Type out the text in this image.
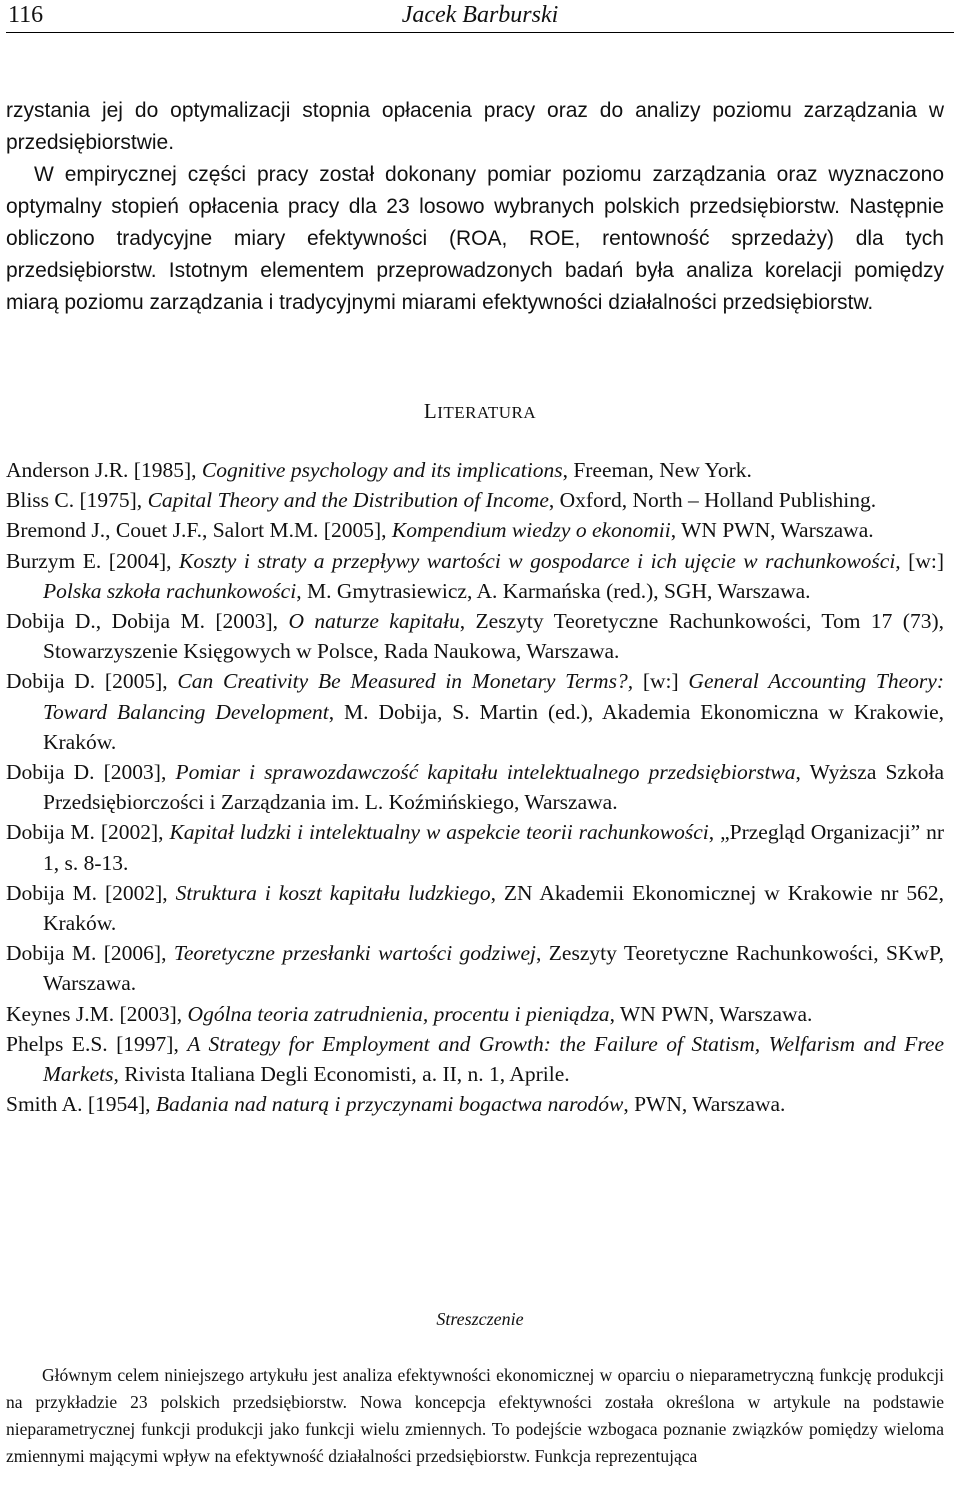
116	Jacek Barburski

rzystania jej do optymalizacji stopnia opłacenia pracy oraz do analizy poziomu zarządzania w przedsiębiorstwie.

W empirycznej części pracy został dokonany pomiar poziomu zarządzania oraz wyznaczono optymalny stopień opłacenia pracy dla 23 losowo wybranych polskich przedsiębiorstw. Następnie obliczono tradycyjne miary efektywności (ROA, ROE, rentowność sprzedaży) dla tych przedsiębiorstw. Istotnym elementem przeprowadzonych badań była analiza korelacji pomiędzy miarą poziomu zarządzania i tradycyjnymi miarami efektywności działalności przedsiębiorstw.

LITERATURA

Anderson J.R. [1985], Cognitive psychology and its implications, Freeman, New York.

Bliss C. [1975], Capital Theory and the Distribution of Income, Oxford, North – Holland Publishing.

Bremond J., Couet J.F., Salort M.M. [2005], Kompendium wiedzy o ekonomii, WN PWN, Warszawa.

Burzym E. [2004], Koszty i straty a przepływy wartości w gospodarce i ich ujęcie w rachunkowości, [w:] Polska szkoła rachunkowości, M. Gmytrasiewicz, A. Karmańska (red.), SGH, Warszawa.

Dobija D., Dobija M. [2003], O naturze kapitału, Zeszyty Teoretyczne Rachunkowości, Tom 17 (73), Stowarzyszenie Księgowych w Polsce, Rada Naukowa, Warszawa.

Dobija D. [2005], Can Creativity Be Measured in Monetary Terms?, [w:] General Accounting Theory: Toward Balancing Development, M. Dobija, S. Martin (ed.), Akademia Ekonomiczna w Krakowie, Kraków.

Dobija D. [2003], Pomiar i sprawozdawczość kapitału intelektualnego przedsiębiorstwa, Wyższa Szkoła Przedsiębiorczości i Zarządzania im. L. Koźmińskiego, Warszawa.

Dobija M. [2002], Kapitał ludzki i intelektualny w aspekcie teorii rachunkowości, „Przegląd Organizacji” nr 1, s. 8-13.

Dobija M. [2002], Struktura i koszt kapitału ludzkiego, ZN Akademii Ekonomicznej w Krakowie nr 562, Kraków.

Dobija M. [2006], Teoretyczne przesłanki wartości godziwej, Zeszyty Teoretyczne Rachunkowości, SKwP, Warszawa.

Keynes J.M. [2003], Ogólna teoria zatrudnienia, procentu i pieniądza, WN PWN, Warszawa.

Phelps E.S. [1997], A Strategy for Employment and Growth: the Failure of Statism, Welfarism and Free Markets, Rivista Italiana Degli Economisti, a. II, n. 1, Aprile.

Smith A. [1954], Badania nad naturą i przyczynami bogactwa narodów, PWN, Warszawa.

Streszczenie

Głównym celem niniejszego artykułu jest analiza efektywności ekonomicznej w oparciu o nieparametryczną funkcję produkcji na przykładzie 23 polskich przedsiębiorstw. Nowa koncepcja efektywności została określona w artykule na podstawie nieparametrycznej funkcji produkcji jako funkcji wielu zmiennych. To podejście wzbogaca poznanie związków pomiędzy wieloma zmiennymi mającymi wpływ na efektywność działalności przedsiębiorstw. Funkcja reprezentująca
